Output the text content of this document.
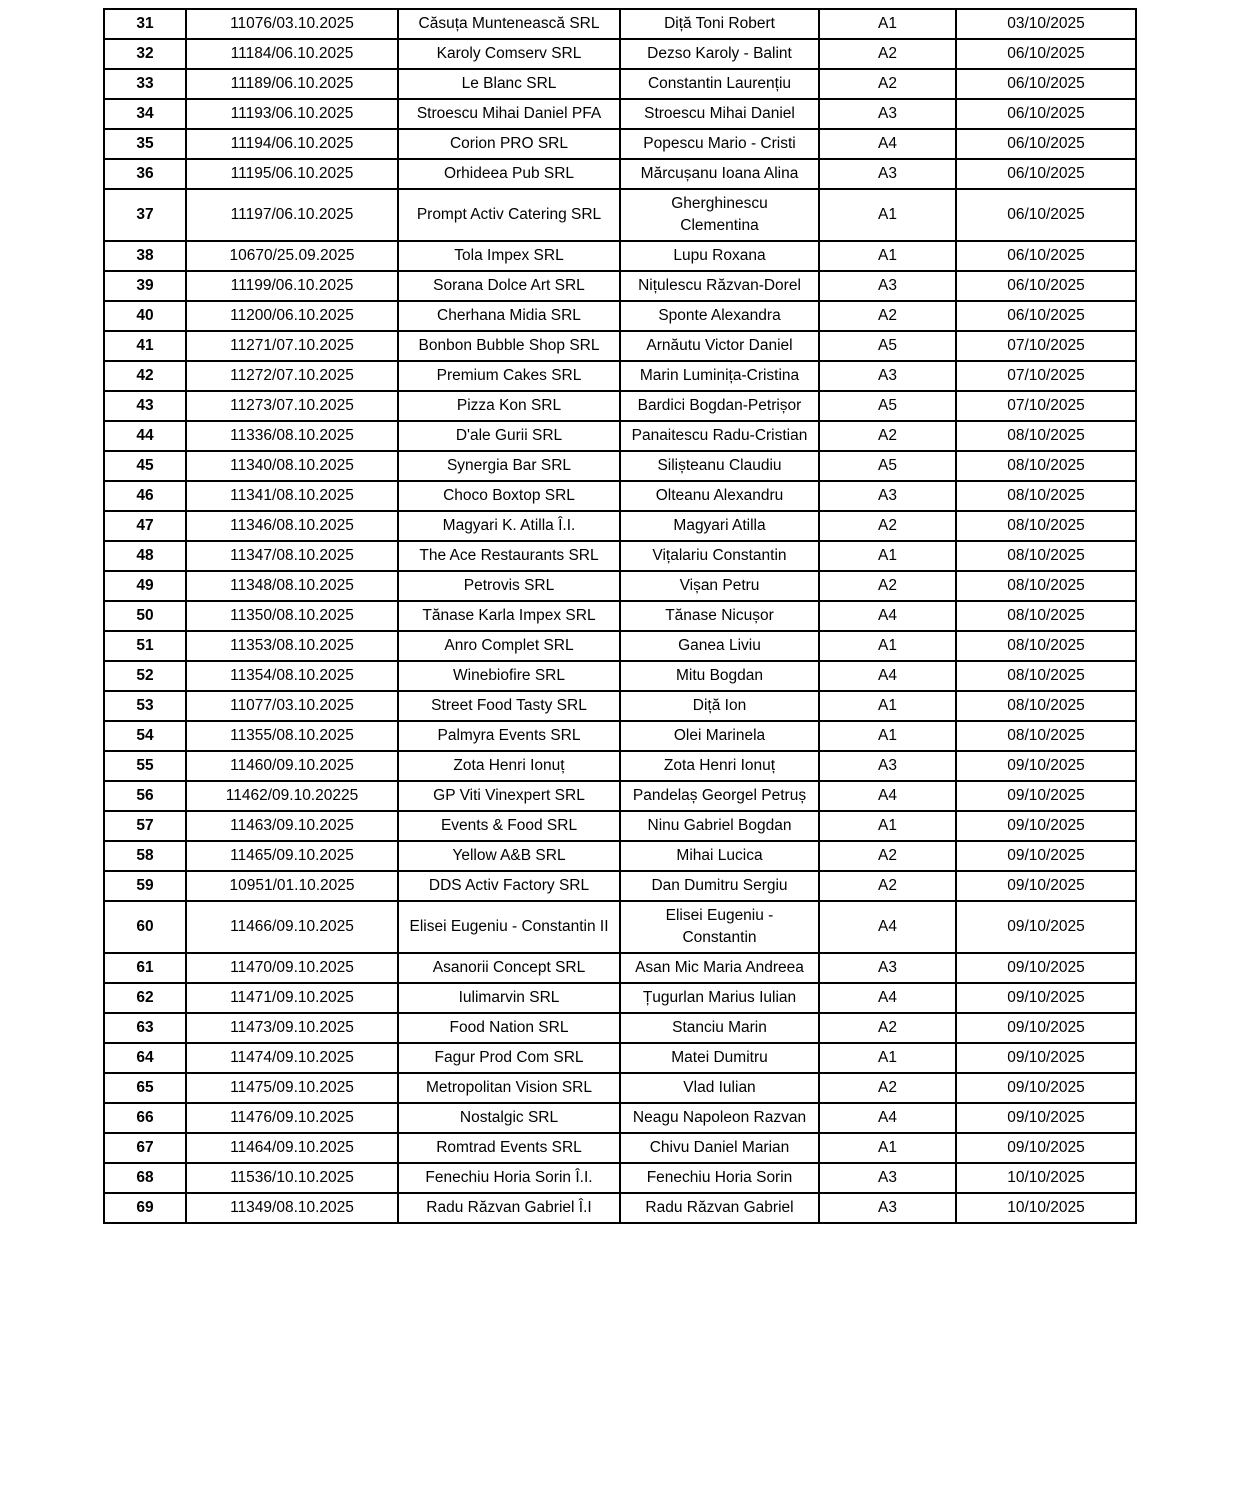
31	11076/03.10.2025	Căsuța Muntenească SRL	Diță Toni Robert	A1	03/10/2025
32	11184/06.10.2025	Karoly Comserv SRL	Dezso Karoly - Balint	A2	06/10/2025
33	11189/06.10.2025	Le Blanc SRL	Constantin Laurențiu	A2	06/10/2025
34	11193/06.10.2025	Stroescu Mihai Daniel PFA	Stroescu Mihai Daniel	A3	06/10/2025
35	11194/06.10.2025	Corion PRO SRL	Popescu Mario - Cristi	A4	06/10/2025
36	11195/06.10.2025	Orhideea Pub SRL	Mărcușanu Ioana Alina	A3	06/10/2025
37	11197/06.10.2025	Prompt Activ Catering SRL	Gherghinescu Clementina	A1	06/10/2025
38	10670/25.09.2025	Tola Impex SRL	Lupu Roxana	A1	06/10/2025
39	11199/06.10.2025	Sorana Dolce Art SRL	Nițulescu Răzvan-Dorel	A3	06/10/2025
40	11200/06.10.2025	Cherhana Midia SRL	Sponte Alexandra	A2	06/10/2025
41	11271/07.10.2025	Bonbon Bubble Shop SRL	Arnăutu Victor Daniel	A5	07/10/2025
42	11272/07.10.2025	Premium Cakes SRL	Marin Luminița-Cristina	A3	07/10/2025
43	11273/07.10.2025	Pizza Kon SRL	Bardici Bogdan-Petrișor	A5	07/10/2025
44	11336/08.10.2025	D'ale Gurii SRL	Panaitescu Radu-Cristian	A2	08/10/2025
45	11340/08.10.2025	Synergia Bar SRL	Silișteanu Claudiu	A5	08/10/2025
46	11341/08.10.2025	Choco Boxtop SRL	Olteanu Alexandru	A3	08/10/2025
47	11346/08.10.2025	Magyari K. Atilla Î.I.	Magyari Atilla	A2	08/10/2025
48	11347/08.10.2025	The Ace Restaurants SRL	Vițalariu Constantin	A1	08/10/2025
49	11348/08.10.2025	Petrovis SRL	Vișan Petru	A2	08/10/2025
50	11350/08.10.2025	Tănase Karla Impex SRL	Tănase Nicușor	A4	08/10/2025
51	11353/08.10.2025	Anro Complet SRL	Ganea Liviu	A1	08/10/2025
52	11354/08.10.2025	Winebiofire SRL	Mitu Bogdan	A4	08/10/2025
53	11077/03.10.2025	Street Food Tasty SRL	Diță Ion	A1	08/10/2025
54	11355/08.10.2025	Palmyra Events SRL	Olei Marinela	A1	08/10/2025
55	11460/09.10.2025	Zota Henri Ionuț	Zota Henri Ionuț	A3	09/10/2025
56	11462/09.10.20225	GP Viti Vinexpert SRL	Pandelaș Georgel Petruș	A4	09/10/2025
57	11463/09.10.2025	Events & Food SRL	Ninu Gabriel Bogdan	A1	09/10/2025
58	11465/09.10.2025	Yellow A&B SRL	Mihai Lucica	A2	09/10/2025
59	10951/01.10.2025	DDS Activ Factory SRL	Dan Dumitru Sergiu	A2	09/10/2025
60	11466/09.10.2025	Elisei Eugeniu - Constantin II	Elisei Eugeniu - Constantin	A4	09/10/2025
61	11470/09.10.2025	Asanorii Concept SRL	Asan Mic Maria Andreea	A3	09/10/2025
62	11471/09.10.2025	Iulimarvin SRL	Țugurlan Marius Iulian	A4	09/10/2025
63	11473/09.10.2025	Food Nation SRL	Stanciu Marin	A2	09/10/2025
64	11474/09.10.2025	Fagur Prod Com SRL	Matei Dumitru	A1	09/10/2025
65	11475/09.10.2025	Metropolitan Vision SRL	Vlad Iulian	A2	09/10/2025
66	11476/09.10.2025	Nostalgic SRL	Neagu Napoleon Razvan	A4	09/10/2025
67	11464/09.10.2025	Romtrad Events SRL	Chivu Daniel Marian	A1	09/10/2025
68	11536/10.10.2025	Fenechiu Horia Sorin Î.I.	Fenechiu Horia Sorin	A3	10/10/2025
69	11349/08.10.2025	Radu Răzvan Gabriel Î.I	Radu Răzvan Gabriel	A3	10/10/2025
